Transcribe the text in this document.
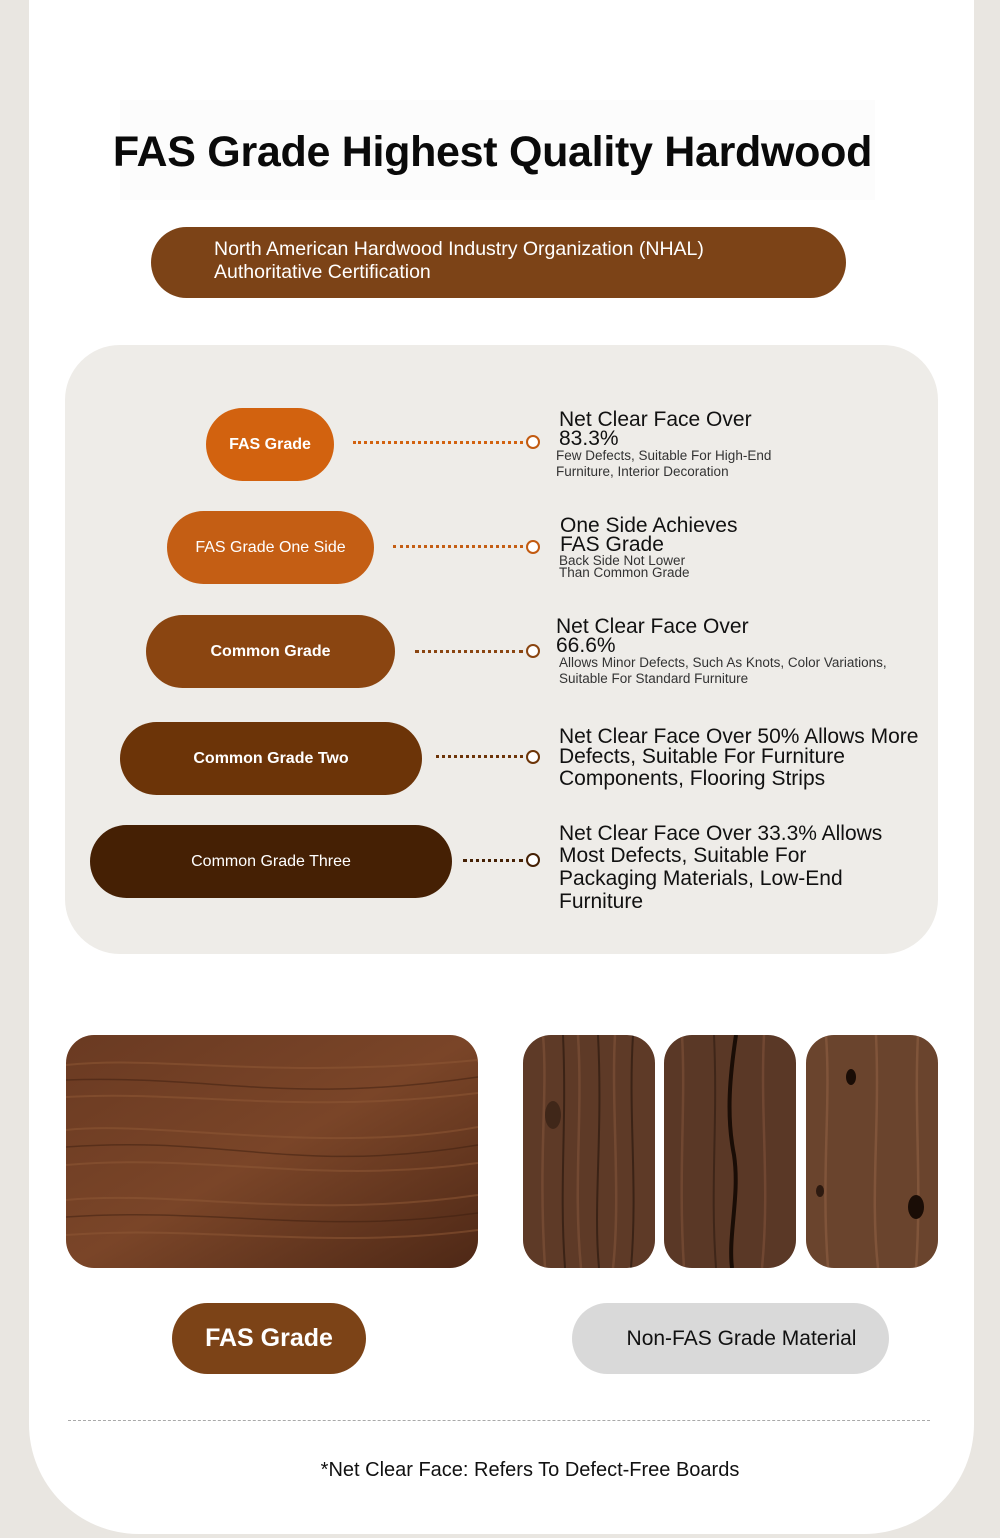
FAS Grade Highest Quality Hardwood
North American Hardwood Industry Organization (NHAL)
Authoritative Certification
FAS Grade
Net Clear Face Over
83.3%
Few Defects, Suitable For High-End
Furniture, Interior Decoration
FAS Grade One Side
One Side Achieves
FAS Grade
Back Side Not Lower
Than Common Grade
Common Grade
Net Clear Face Over
66.6%
Allows Minor Defects, Such As Knots, Color Variations,
Suitable For Standard Furniture
Common Grade Two
Net Clear Face Over 50% Allows More
Defects, Suitable For Furniture
Components, Flooring Strips
Common Grade Three
Net Clear Face Over 33.3% Allows
Most Defects, Suitable For
Packaging Materials, Low-End
Furniture
FAS Grade	Non-FAS Grade Material
*Net Clear Face: Refers To Defect-Free Boards
